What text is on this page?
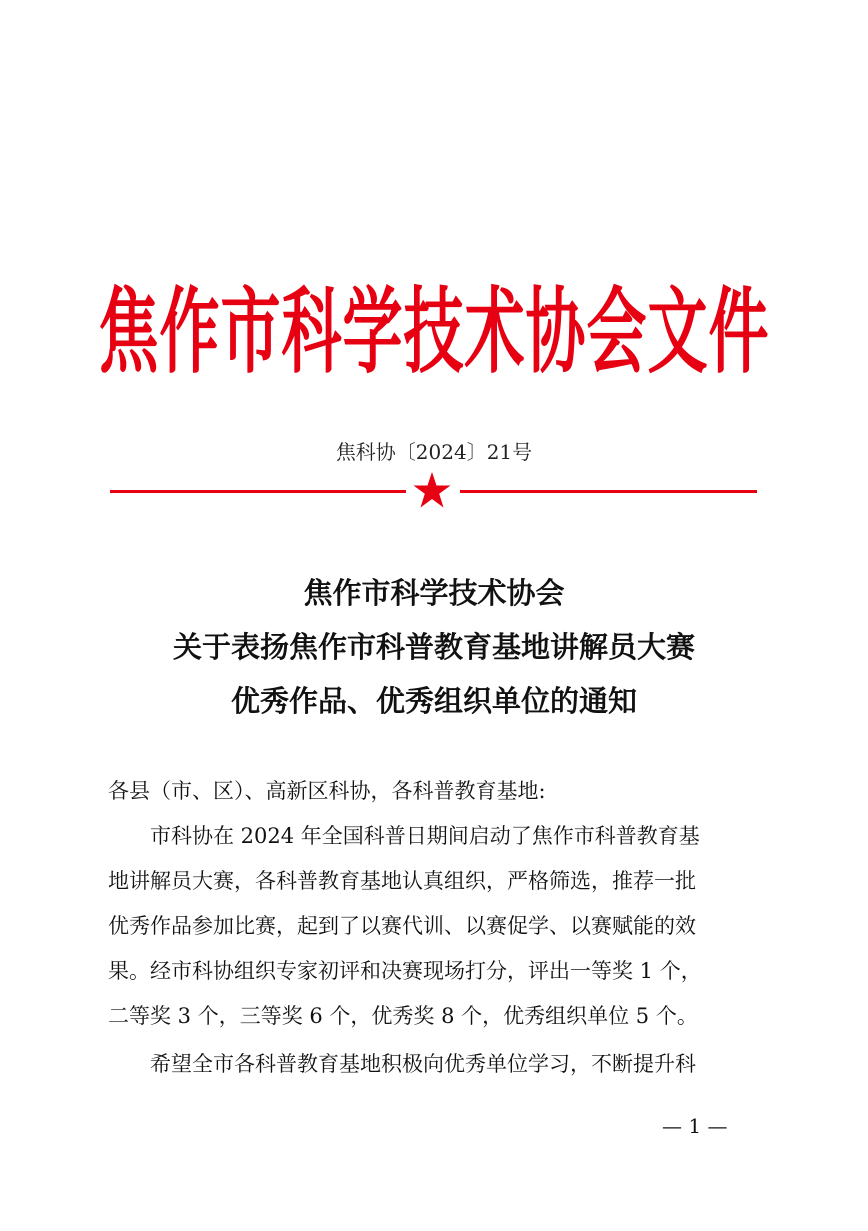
焦作市科学技术协会文件
焦科协〔2024〕21号
焦作市科学技术协会
关于表扬焦作市科普教育基地讲解员大赛
优秀作品、优秀组织单位的通知
各县（市、区）、高新区科协，各科普教育基地:
市科协在 2024 年全国科普日期间启动了焦作市科普教育基
地讲解员大赛，各科普教育基地认真组织，严格筛选，推荐一批
优秀作品参加比赛，起到了以赛代训、以赛促学、以赛赋能的效
果。经市科协组织专家初评和决赛现场打分，评出一等奖 1 个，
二等奖 3 个，三等奖 6 个，优秀奖 8 个，优秀组织单位 5 个。
希望全市各科普教育基地积极向优秀单位学习，不断提升科
— 1 —
